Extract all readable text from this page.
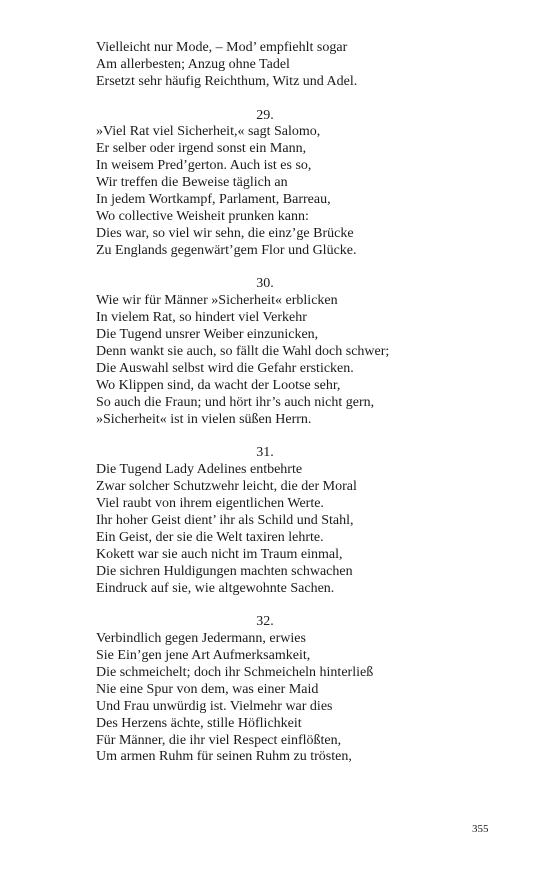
Vielleicht nur Mode, – Mod’ empfiehlt sogar
Am allerbesten; Anzug ohne Tadel
Ersetzt sehr häufig Reichthum, Witz und Adel.
29.
»Viel Rat viel Sicherheit,« sagt Salomo,
Er selber oder irgend sonst ein Mann,
In weisem Pred’gerton. Auch ist es so,
Wir treffen die Beweise täglich an
In jedem Wortkampf, Parlament, Barreau,
Wo collective Weisheit prunken kann:
Dies war, so viel wir sehn, die einz’ge Brücke
Zu Englands gegenwärt’gem Flor und Glücke.
30.
Wie wir für Männer »Sicherheit« erblicken
In vielem Rat, so hindert viel Verkehr
Die Tugend unsrer Weiber einzunicken,
Denn wankt sie auch, so fällt die Wahl doch schwer;
Die Auswahl selbst wird die Gefahr ersticken.
Wo Klippen sind, da wacht der Lootse sehr,
So auch die Fraun; und hört ihr’s auch nicht gern,
»Sicherheit« ist in vielen süßen Herrn.
31.
Die Tugend Lady Adelines entbehrte
Zwar solcher Schutzwehr leicht, die der Moral
Viel raubt von ihrem eigentlichen Werte.
Ihr hoher Geist dient’ ihr als Schild und Stahl,
Ein Geist, der sie die Welt taxiren lehrte.
Kokett war sie auch nicht im Traum einmal,
Die sichren Huldigungen machten schwachen
Eindruck auf sie, wie altgewohnte Sachen.
32.
Verbindlich gegen Jedermann, erwies
Sie Ein’gen jene Art Aufmerksamkeit,
Die schmeichelt; doch ihr Schmeicheln hinterließ
Nie eine Spur von dem, was einer Maid
Und Frau unwürdig ist. Vielmehr war dies
Des Herzens ächte, stille Höflichkeit
Für Männer, die ihr viel Respect einflößten,
Um armen Ruhm für seinen Ruhm zu trösten,
355
